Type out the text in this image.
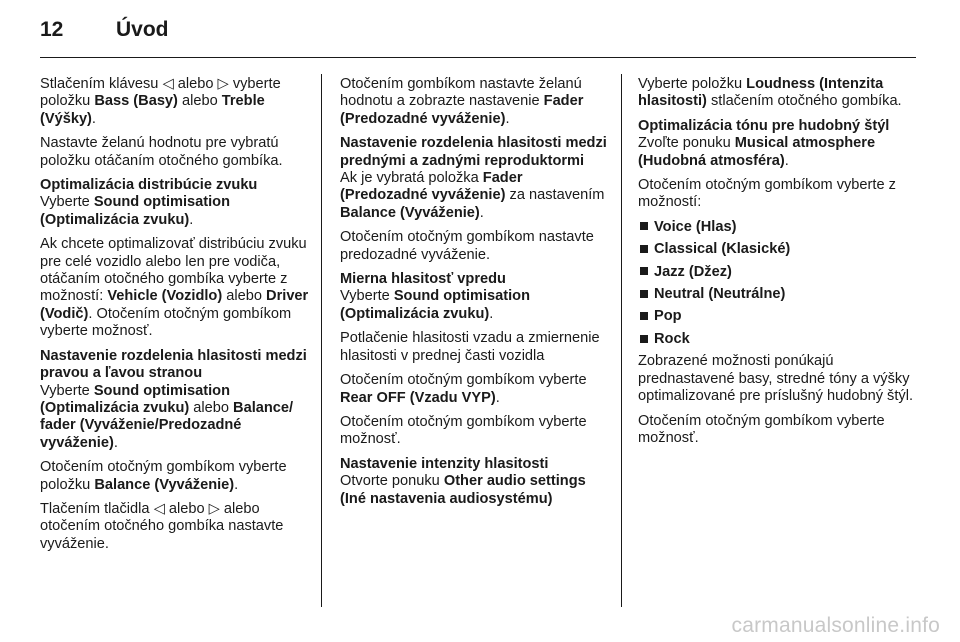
12	Úvod

Stlačením klávesu ◁ alebo ▷ vyberte položku Bass (Basy) alebo Treble (Výšky).

Nastavte želanú hodnotu pre vybratú položku otáčaním otočného gombíka.

Optimalizácia distribúcie zvuku

Vyberte Sound optimisation (Optimalizácia zvuku).

Ak chcete optimalizovať distribúciu zvuku pre celé vozidlo alebo len pre vodiča, otáčaním otočného gombíka vyberte z možností: Vehicle (Vozidlo) alebo Driver (Vodič). Otočením otočným gombíkom vyberte možnosť.

Nastavenie rozdelenia hlasitosti medzi pravou a ľavou stranou

Vyberte Sound optimisation (Optimalizácia zvuku) alebo Balance/ fader (Vyváženie/Predozadné vyváženie).

Otočením otočným gombíkom vyberte položku Balance (Vyváženie).

Tlačením tlačidla ◁ alebo ▷ alebo otočením otočného gombíka nastavte vyváženie.

Otočením gombíkom nastavte želanú hodnotu a zobrazte nastavenie Fader (Predozadné vyváženie).

Nastavenie rozdelenia hlasitosti medzi prednými a zadnými reproduktormi

Ak je vybratá položka Fader (Predozadné vyváženie) za nastavením Balance (Vyváženie).

Otočením otočným gombíkom nastavte predozadné vyváženie.

Mierna hlasitosť vpredu

Vyberte Sound optimisation (Optimalizácia zvuku).

Potlačenie hlasitosti vzadu a zmiernenie hlasitosti v prednej časti vozidla

Otočením otočným gombíkom vyberte Rear OFF (Vzadu VYP).

Otočením otočným gombíkom vyberte možnosť.

Nastavenie intenzity hlasitosti

Otvorte ponuku Other audio settings (Iné nastavenia audiosystému)

Vyberte položku Loudness (Intenzita hlasitosti) stlačením otočného gombíka.

Optimalizácia tónu pre hudobný štýl

Zvoľte ponuku Musical atmosphere (Hudobná atmosféra).

Otočením otočným gombíkom vyberte z možností:

Voice (Hlas)
Classical (Klasické)
Jazz (Džez)
Neutral (Neutrálne)
Pop
Rock

Zobrazené možnosti ponúkajú prednastavené basy, stredné tóny a výšky optimalizované pre príslušný hudobný štýl.

Otočením otočným gombíkom vyberte možnosť.

carmanualsonline.info
